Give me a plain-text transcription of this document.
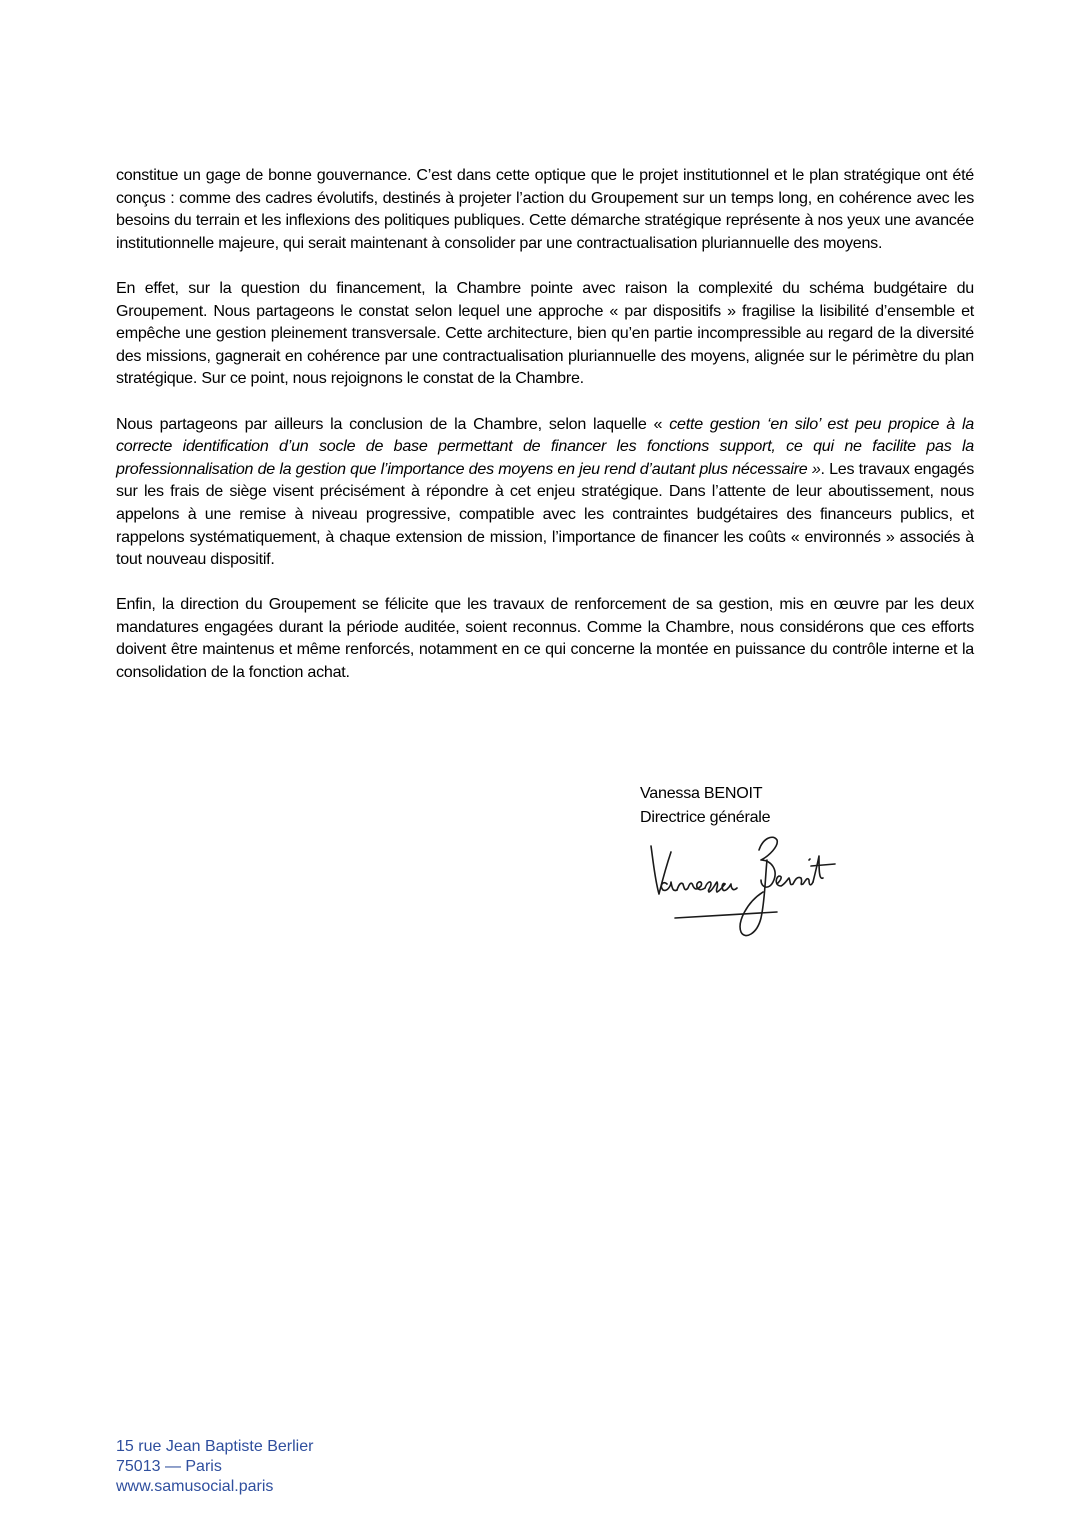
constitue un gage de bonne gouvernance. C’est dans cette optique que le projet institutionnel et le plan stratégique ont été conçus : comme des cadres évolutifs, destinés à projeter l’action du Groupement sur un temps long, en cohérence avec les besoins du terrain et les inflexions des politiques publiques. Cette démarche stratégique représente à nos yeux une avancée institutionnelle majeure, qui serait maintenant à consolider par une contractualisation pluriannuelle des moyens.

En effet, sur la question du financement, la Chambre pointe avec raison la complexité du schéma budgétaire du Groupement. Nous partageons le constat selon lequel une approche « par dispositifs » fragilise la lisibilité d’ensemble et empêche une gestion pleinement transversale. Cette architecture, bien qu’en partie incompressible au regard de la diversité des missions, gagnerait en cohérence par une contractualisation pluriannuelle des moyens, alignée sur le périmètre du plan stratégique. Sur ce point, nous rejoignons le constat de la Chambre.

Nous partageons par ailleurs la conclusion de la Chambre, selon laquelle « cette gestion ‘en silo’ est peu propice à la correcte identification d’un socle de base permettant de financer les fonctions support, ce qui ne facilite pas la professionnalisation de la gestion que l’importance des moyens en jeu rend d’autant plus nécessaire ». Les travaux engagés sur les frais de siège visent précisément à répondre à cet enjeu stratégique. Dans l’attente de leur aboutissement, nous appelons à une remise à niveau progressive, compatible avec les contraintes budgétaires des financeurs publics, et rappelons systématiquement, à chaque extension de mission, l’importance de financer les coûts « environnés » associés à tout nouveau dispositif.

Enfin, la direction du Groupement se félicite que les travaux de renforcement de sa gestion, mis en œuvre par les deux mandatures engagées durant la période auditée, soient reconnus. Comme la Chambre, nous considérons que ces efforts doivent être maintenus et même renforcés, notamment en ce qui concerne la montée en puissance du contrôle interne et la consolidation de la fonction achat.

Vanessa BENOIT
Directrice générale
15 rue Jean Baptiste Berlier
75013 — Paris
www.samusocial.paris
